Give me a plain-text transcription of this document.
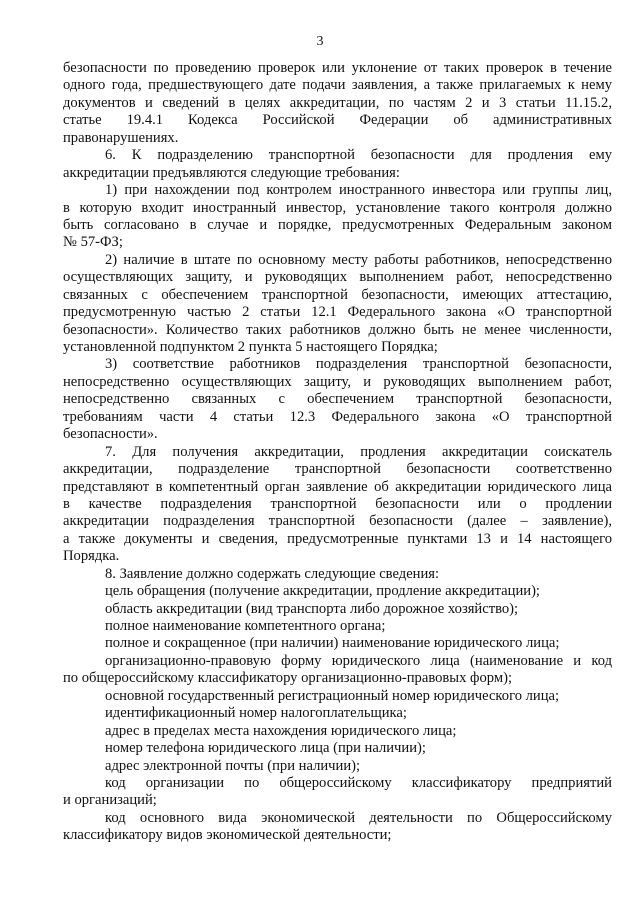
3
безопасности по проведению проверок или уклонение от таких проверок в течение
одного года, предшествующего дате подачи заявления, а также прилагаемых к нему
документов и сведений в целях аккредитации, по частям 2 и 3 статьи 11.15.2,
статье 19.4.1 Кодекса Российской Федерации об административных
правонарушениях.
6. К подразделению транспортной безопасности для продления ему
аккредитации предъявляются следующие требования:
1) при нахождении под контролем иностранного инвестора или группы лиц,
в которую входит иностранный инвестор, установление такого контроля должно
быть согласовано в случае и порядке, предусмотренных Федеральным законом
№ 57-ФЗ;
2) наличие в штате по основному месту работы работников, непосредственно
осуществляющих защиту, и руководящих выполнением работ, непосредственно
связанных с обеспечением транспортной безопасности, имеющих аттестацию,
предусмотренную частью 2 статьи 12.1 Федерального закона «О транспортной
безопасности». Количество таких работников должно быть не менее численности,
установленной подпунктом 2 пункта 5 настоящего Порядка;
3) соответствие работников подразделения транспортной безопасности,
непосредственно осуществляющих защиту, и руководящих выполнением работ,
непосредственно связанных с обеспечением транспортной безопасности,
требованиям части 4 статьи 12.3 Федерального закона «О транспортной
безопасности».
7. Для получения аккредитации, продления аккредитации соискатель
аккредитации, подразделение транспортной безопасности соответственно
представляют в компетентный орган заявление об аккредитации юридического лица
в качестве подразделения транспортной безопасности или о продлении
аккредитации подразделения транспортной безопасности (далее – заявление),
а также документы и сведения, предусмотренные пунктами 13 и 14 настоящего
Порядка.
8. Заявление должно содержать следующие сведения:
цель обращения (получение аккредитации, продление аккредитации);
область аккредитации (вид транспорта либо дорожное хозяйство);
полное наименование компетентного органа;
полное и сокращенное (при наличии) наименование юридического лица;
организационно-правовую форму юридического лица (наименование и код
по общероссийскому классификатору организационно-правовых форм);
основной государственный регистрационный номер юридического лица;
идентификационный номер налогоплательщика;
адрес в пределах места нахождения юридического лица;
номер телефона юридического лица (при наличии);
адрес электронной почты (при наличии);
код организации по общероссийскому классификатору предприятий
и организаций;
код основного вида экономической деятельности по Общероссийскому
классификатору видов экономической деятельности;
